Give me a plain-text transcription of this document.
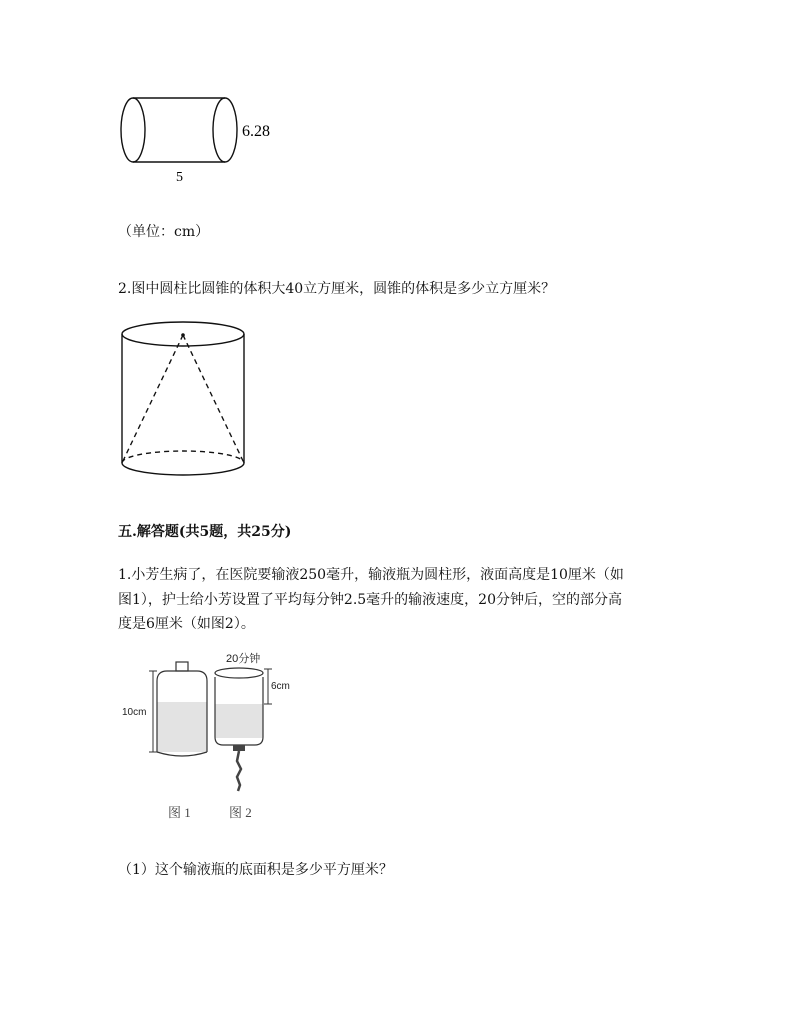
6.28
5
（单位：cm）
2.图中圆柱比圆锥的体积大40立方厘米，圆锥的体积是多少立方厘米？
五.解答题(共5题，共25分)
1.小芳生病了，在医院要输液250毫升，输液瓶为圆柱形，液面高度是10厘米（如
图1），护士给小芳设置了平均每分钟2.5毫升的输液速度，20分钟后，空的部分高
度是6厘米（如图2）。
10cm
20分钟
6cm
图 1	图 2
（1）这个输液瓶的底面积是多少平方厘米？
